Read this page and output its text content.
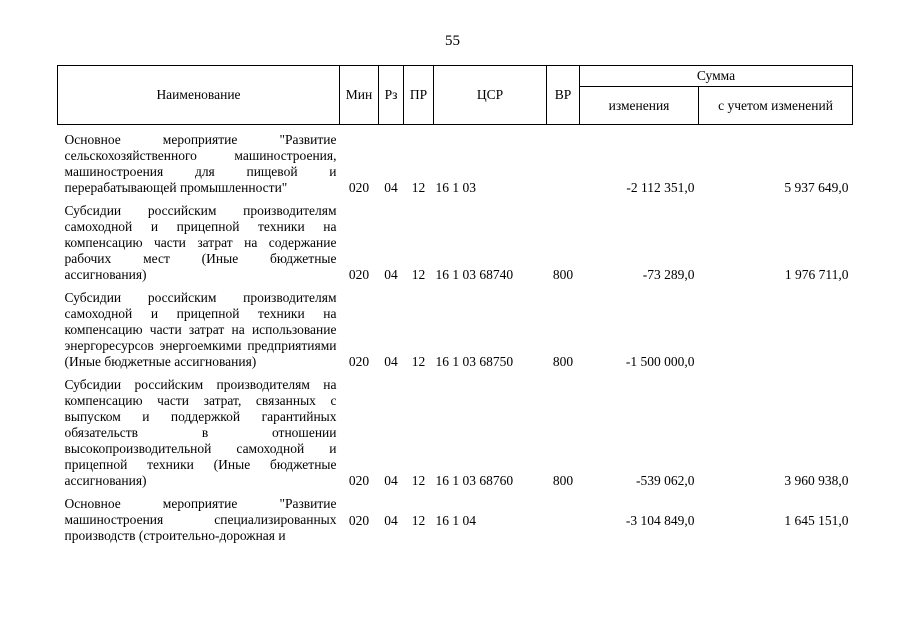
55
Наименование	Мин	Рз	ПР	ЦСР	ВР	Сумма	
						изменения	с учетом изменений

Основное мероприятие "Развитие сельскохозяйственного машиностроения, машиностроения для пищевой и перерабатывающей промышленности"	020	04	12	16 1 03		-2 112 351,0	5 937 649,0

Субсидии российским производителям самоходной и прицепной техники на компенсацию части затрат на содержание рабочих мест (Иные бюджетные ассигнования)	020	04	12	16 1 03 68740	800	-73 289,0	1 976 711,0

Субсидии российским производителям самоходной и прицепной техники на компенсацию части затрат на использование энергоресурсов энергоемкими предприятиями (Иные бюджетные ассигнования)	020	04	12	16 1 03 68750	800	-1 500 000,0	

Субсидии российским производителям на компенсацию части затрат, связанных с выпуском и поддержкой гарантийных обязательств в отношении высокопроизводительной самоходной и прицепной техники (Иные бюджетные ассигнования)	020	04	12	16 1 03 68760	800	-539 062,0	3 960 938,0

Основное мероприятие "Развитие машиностроения специализированных производств (строительно-дорожная и	020	04	12	16 1 04		-3 104 849,0	1 645 151,0
